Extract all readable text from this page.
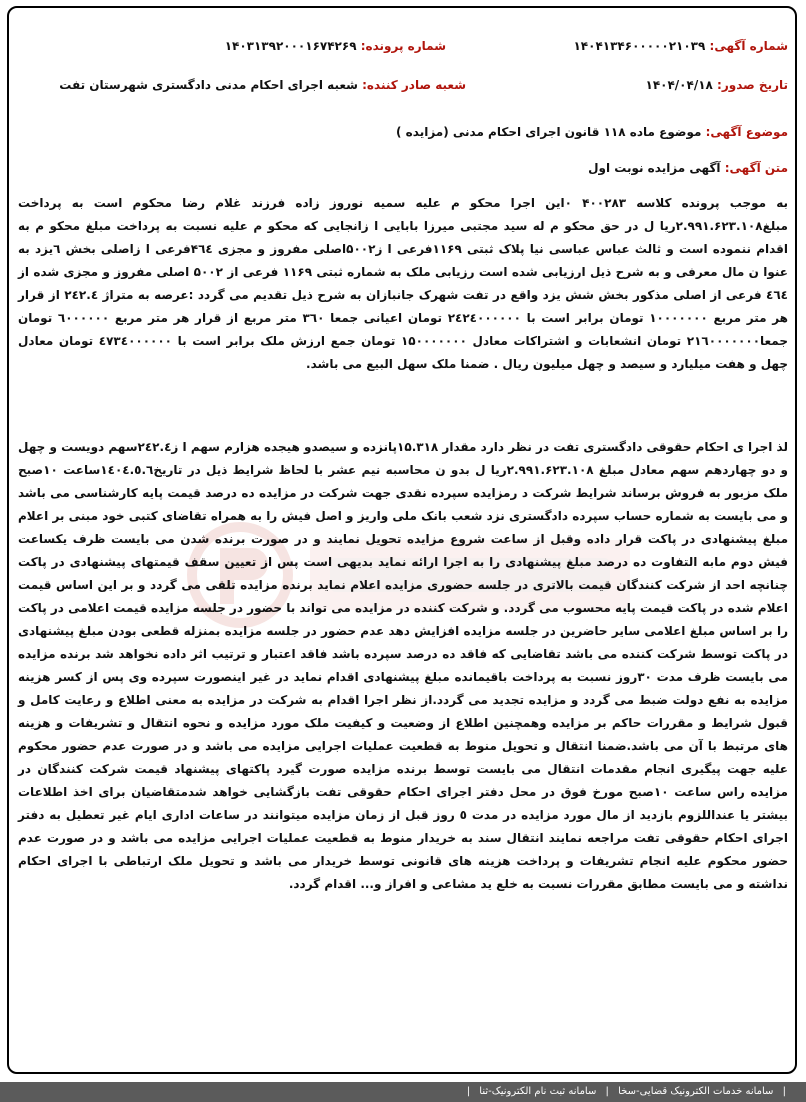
شماره آگهی: ۱۴۰۴۱۳۴۶۰۰۰۰۰۲۱۰۳۹
شماره پرونده: ۱۴۰۳۱۳۹۲۰۰۰۱۶۷۴۲۶۹
تاریخ صدور: ۱۴۰۴/۰۴/۱۸
شعبه صادر کننده: شعبه اجرای احکام مدنی دادگستری شهرستان تفت
موضوع آگهی: موضوع ماده ۱۱۸ قانون اجرای احکام مدنی (مزایده )
متن آگهی: آگهی مزایده نوبت اول

به موجب پرونده کلاسه ۴۰۰۲۸۳ ۰این اجرا محکو م علیه سمیه نوروز زاده فرزند غلام رضا محکوم است به پرداخت مبلغ۲.۹۹۱.۶۲۳.۱۰۸ریا ل در حق محکو م له سید مجتبی میرزا بابایی ا زانجایی که محکو م علیه نسبت به پرداخت مبلغ محکو م به اقدام ننموده است و ثالث عباس عباسی نیا پلاک ثبتی ۱۱۶۹فرعی ا ز۵۰۰۲اصلی مفروز و مجزی ۴٦٤فرعی ا زاصلی بخش ٦یزد به عنوا ن مال معرفی و به شرح ذیل ارزیابی شده است رزیابی ملک به شماره ثبتی ۱۱۶۹ فرعی از ۵۰۰۲ اصلی مفروز و مجزی شده از ٤٦٤ فرعی از اصلی مذکور بخش شش یزد واقع در تفت شهرک جانبازان به شرح ذیل تقدیم می گردد :عرصه به متراژ ۲٤۲.٤ از قرار هر متر مربع ۱۰۰۰۰۰۰۰ تومان برابر است با ۲٤۲٤۰۰۰۰۰۰ تومان اعیانی جمعا ۳٦۰ متر مربع از قرار هر متر مربع ٦۰۰۰۰۰۰ تومان جمعا۲۱٦۰۰۰۰۰۰۰ تومان انشعابات و اشتراکات معادل ۱۵۰۰۰۰۰۰۰ تومان جمع ارزش ملک برابر است با ٤۷۳٤۰۰۰۰۰۰ تومان معادل چهل و هفت میلیارد و سیصد و چهل میلیون ریال . ضمنا ملک سهل البیع می باشد.

لذ اجرا ی احکام حقوقی دادگستری تفت در نظر دارد مقدار ۱۵.۳۱۸پانزده و سیصدو هیجده هزارم سهم ا ز۲٤۲.٤سهم دویست و چهل و دو چهاردهم سهم معادل مبلغ ۲.۹۹۱.۶۲۳.۱۰۸ریا ل بدو ن محاسبه نیم عشر با لحاظ شرایط ذیل در تاریخ۱٤۰٤.٥.٦ساعت ۱۰صبح ملک مزبور به فروش برساند شرایط شرکت د رمزایده سپرده نقدی جهت شرکت در مزایده ده درصد قیمت پایه کارشناسی می باشد و می بایست به شماره حساب سپرده دادگستری نزد شعب بانک ملی واریز و اصل فیش را به همراه تقاضای کتبی خود مبنی بر اعلام مبلغ پیشنهادی در پاکت قرار داده وقبل از ساعت شروع مزایده تحویل نمایند و در صورت برنده شدن می بایست ظرف یکساعت فیش دوم مابه التفاوت ده درصد مبلغ پیشنهادی را به اجرا ارائه نماید بدیهی است پس از تعیین سقف قیمتهای پیشنهادی در پاکت چنانچه احد از شرکت کنندگان قیمت بالاتری در جلسه حضوری مزایده اعلام نماید برنده مزایده تلقی می گردد و بر این اساس قیمت اعلام شده در پاکت قیمت پایه محسوب می گردد. و شرکت کننده در مزایده می تواند با حضور در جلسه مزایده قیمت اعلامی در پاکت را بر اساس مبلغ اعلامی سایر حاضرین در جلسه مزایده افزایش دهد عدم حضور در جلسه مزایده بمنزله قطعی بودن مبلغ پیشنهادی در پاکت توسط شرکت کننده می باشد تقاضایی که فاقد ده درصد سپرده باشد فاقد اعتبار و ترتیب اثر داده نخواهد شد برنده مزایده می بایست ظرف مدت ۳۰روز نسبت به پرداخت باقیمانده مبلغ پیشنهادی اقدام نماید در غیر اینصورت سپرده وی پس از کسر هزینه مزایده به نفع دولت ضبط می گردد و مزایده تجدید می گردد.از نظر اجرا اقدام به شرکت در مزایده به معنی اطلاع و رعایت کامل و قبول شرایط و مقررات حاکم بر مزایده وهمچنین اطلاع از وضعیت و کیفیت ملک مورد مزایده و نحوه انتقال و تشریفات و هزینه های مرتبط با آن می باشد.ضمنا انتقال و تحویل منوط به قطعیت عملیات اجرایی مزایده می باشد و در صورت عدم حضور محکوم علیه جهت پیگیری انجام مقدمات انتقال می بایست توسط برنده مزایده صورت گیرد پاکتهای پیشنهاد قیمت شرکت کنندگان در مزایده راس ساعت ۱۰صبح مورخ فوق در محل دفتر اجرای احکام حقوقی تفت بازگشایی خواهد شدمتقاضیان برای اخذ اطلاعات بیشتر یا عنداللزوم بازدید از مال مورد مزایده در مدت ٥ روز قبل از زمان مزایده میتوانند در ساعات اداری ایام غیر تعطیل به دفتر اجرای احکام حقوقی تفت مراجعه نمایند انتقال سند به خریدار منوط به قطعیت عملیات اجرایی مزایده می باشد و در صورت عدم حضور محکوم علیه انجام تشریفات و پرداخت هزینه های قانونی توسط خریدار می باشد و تحویل ملک ارتباطی با اجرای احکام نداشته و می بایست مطابق مقررات نسبت به خلع ید مشاعی و افراز و... اقدام گردد.

| سامانه خدمات الکترونیک قضایی-سخا | سامانه ثبت نام الکترونیک-ثنا |
